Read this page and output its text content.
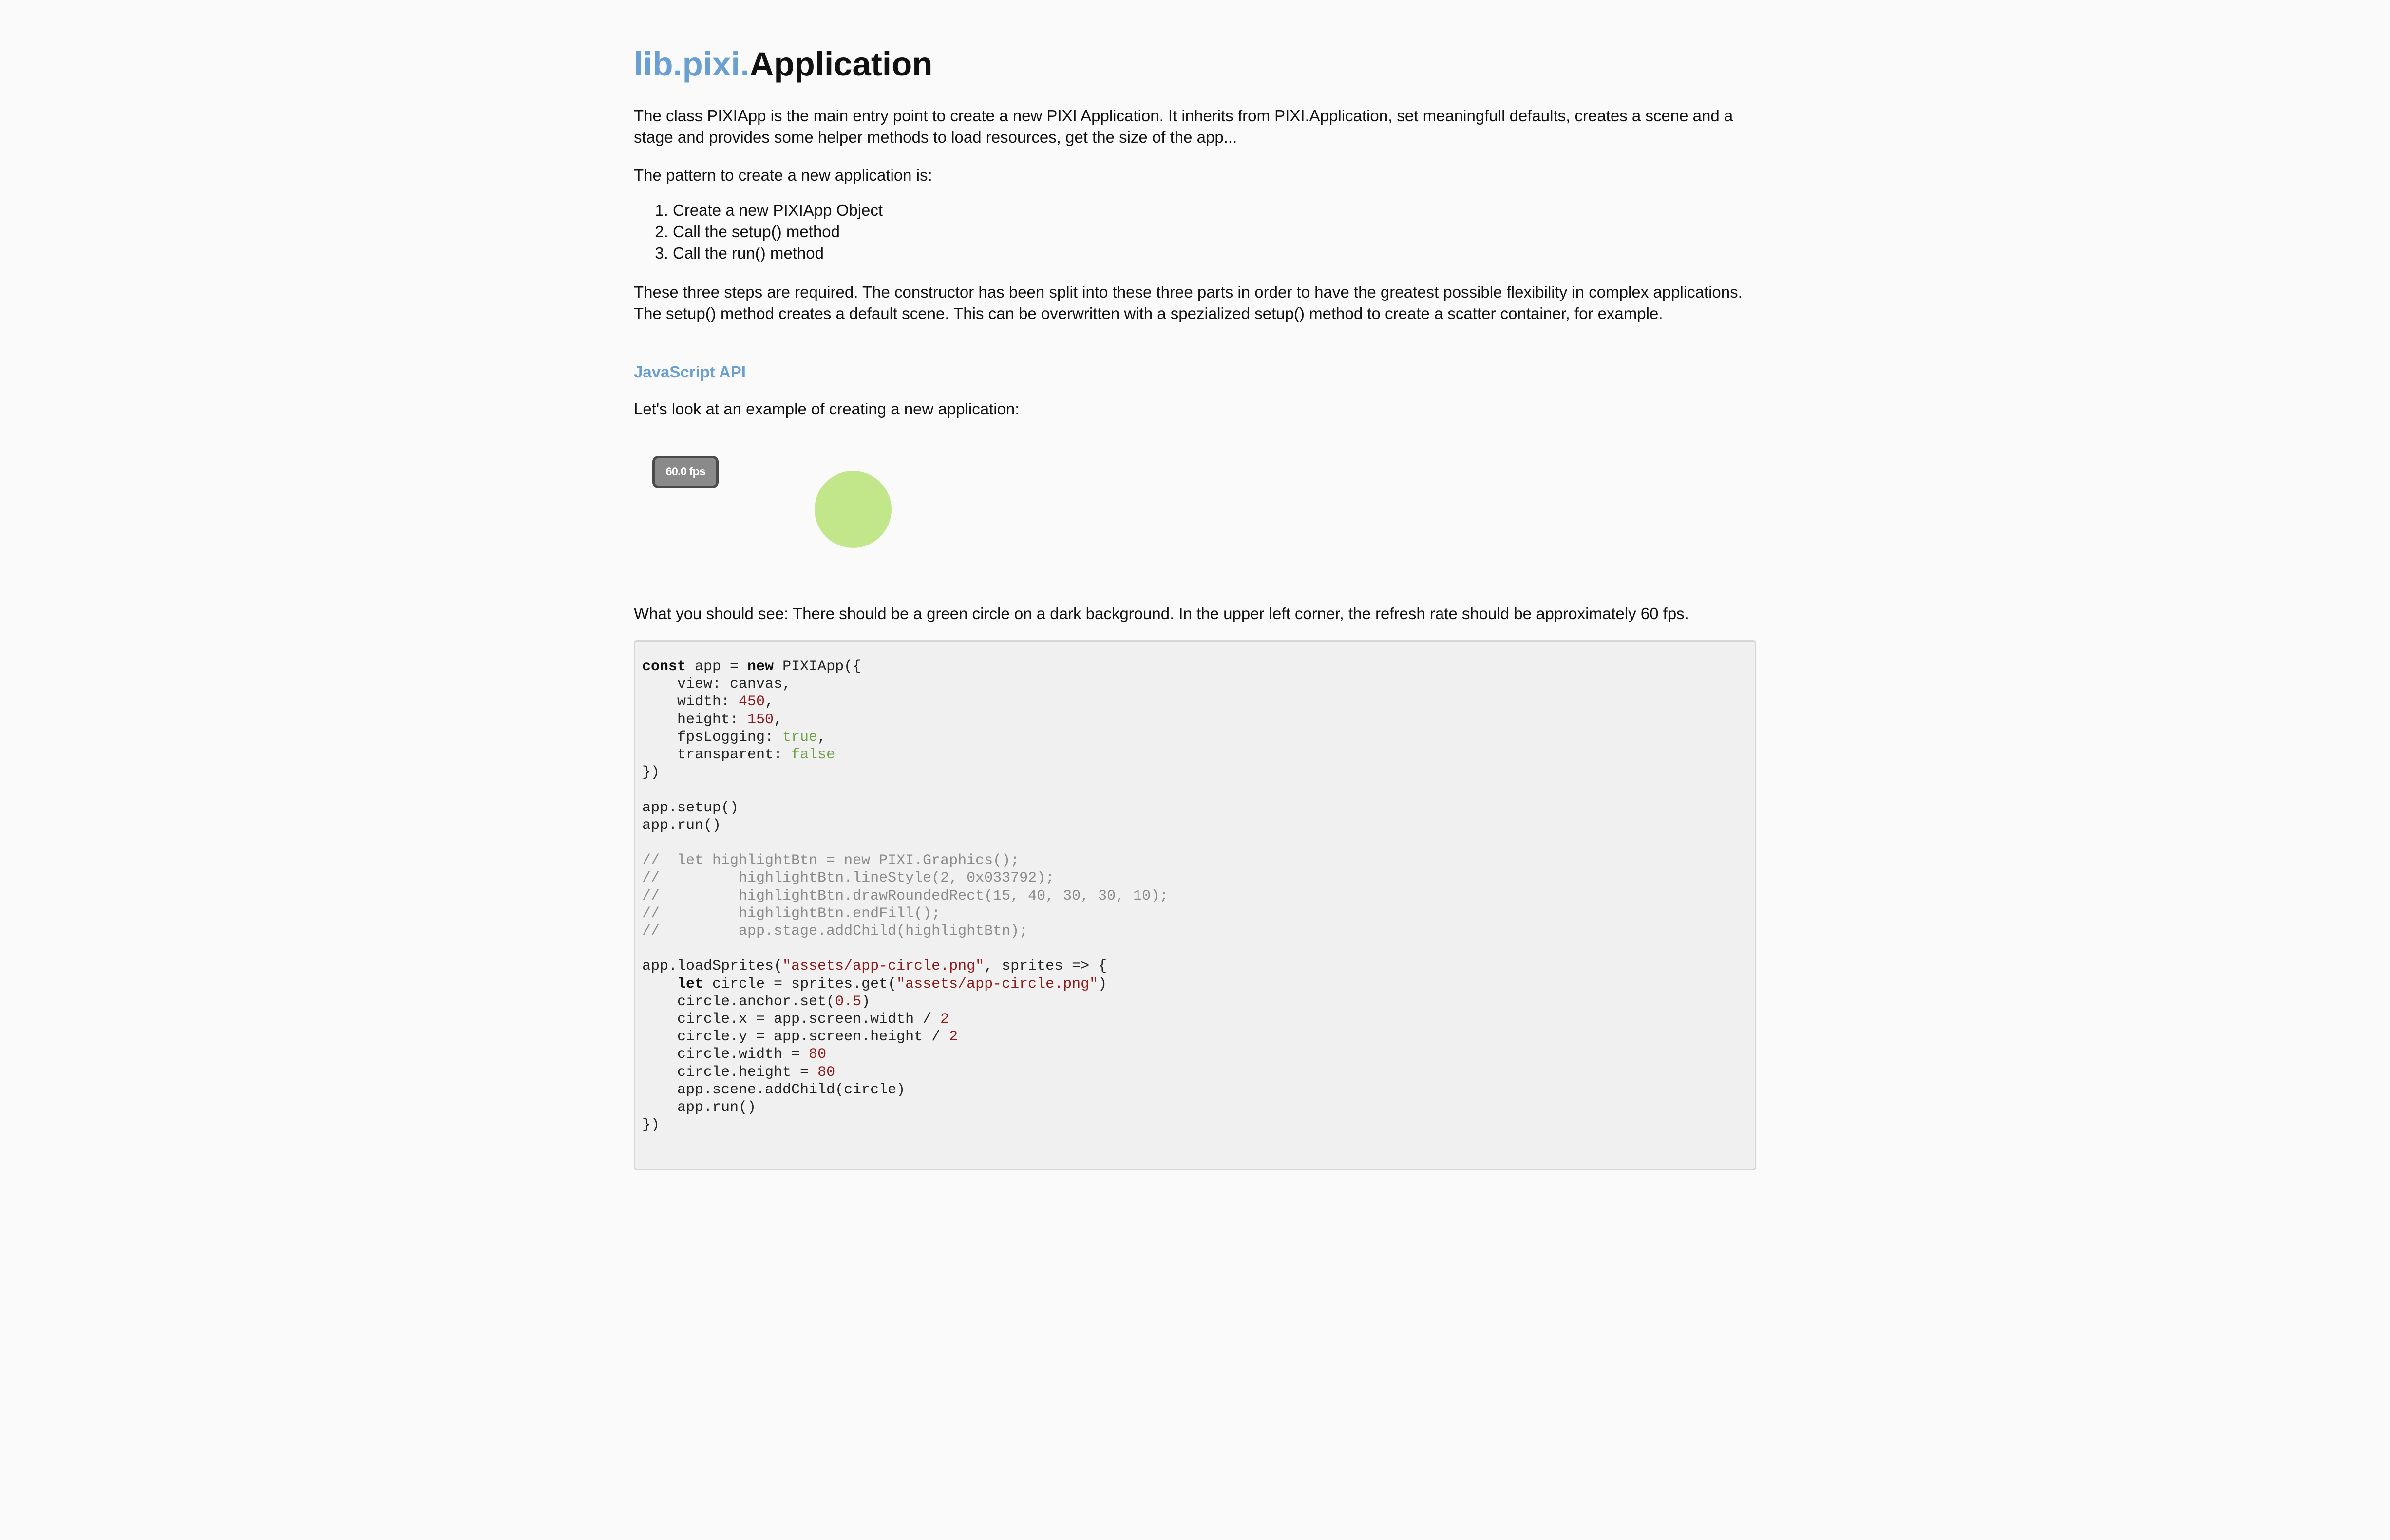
lib.pixi.Application

The class PIXIApp is the main entry point to create a new PIXI Application. It inherits from PIXI.Application, set meaningfull defaults, creates a scene and a stage and provides some helper methods to load resources, get the size of the app...

The pattern to create a new application is:

1. Create a new PIXIApp Object
2. Call the setup() method
3. Call the run() method

These three steps are required. The constructor has been split into these three parts in order to have the greatest possible flexibility in complex applications. The setup() method creates a default scene. This can be overwritten with a spezialized setup() method to create a scatter container, for example.

JavaScript API

Let's look at an example of creating a new application:

60.0 fps

What you should see: There should be a green circle on a dark background. In the upper left corner, the refresh rate should be approximately 60 fps.

const app = new PIXIApp({
view: canvas,
width: 450,
height: 150,
fpsLogging: true,
transparent: false
})

app.setup()
app.run()

//  let highlightBtn = new PIXI.Graphics();
//         highlightBtn.lineStyle(2, 0x033792);
//         highlightBtn.drawRoundedRect(15, 40, 30, 30, 10);
//         highlightBtn.endFill();
//         app.stage.addChild(highlightBtn);

app.loadSprites("assets/app-circle.png", sprites => {
let circle = sprites.get("assets/app-circle.png")
circle.anchor.set(0.5)
circle.x = app.screen.width / 2
circle.y = app.screen.height / 2
circle.width = 80
circle.height = 80
app.scene.addChild(circle)
app.run()
})
